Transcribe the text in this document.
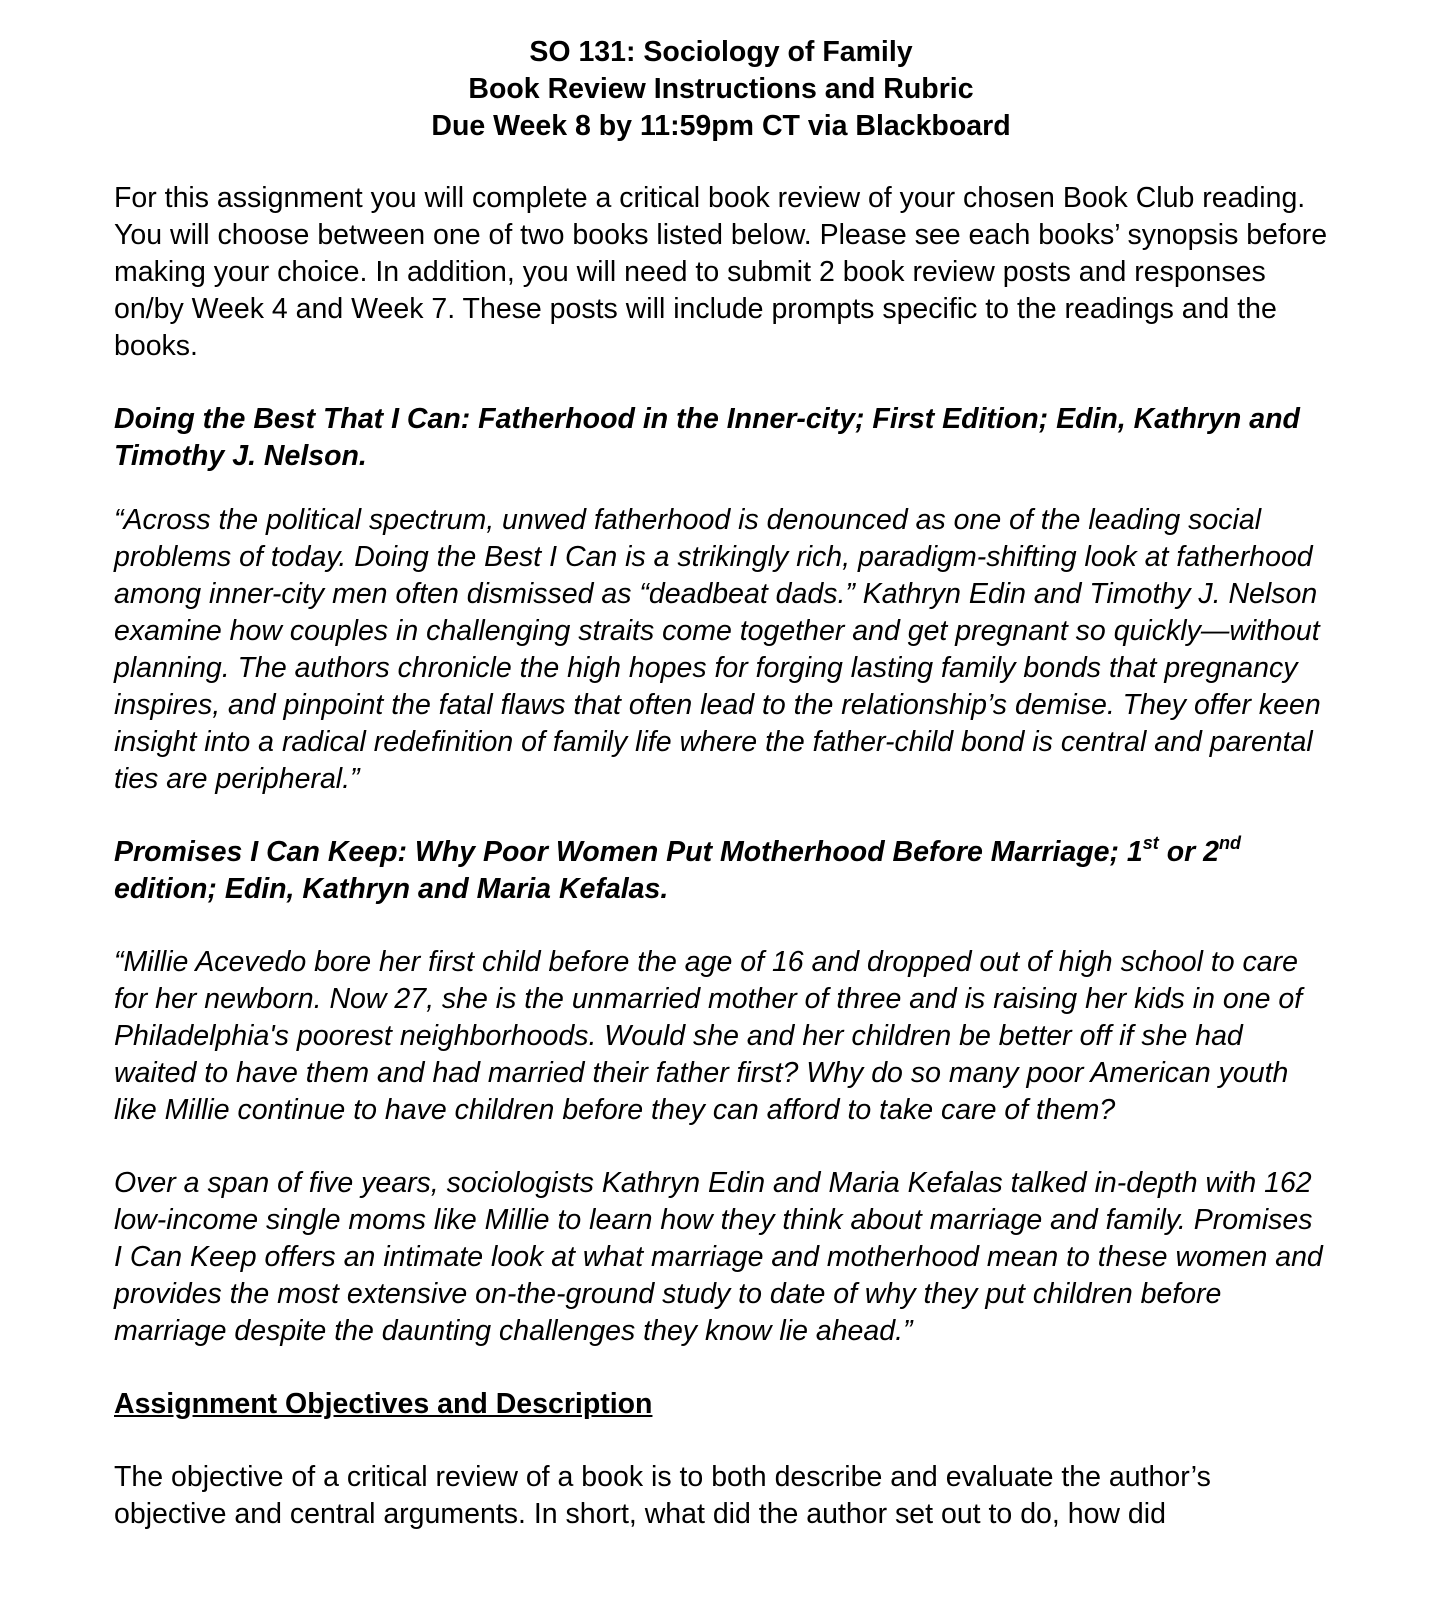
SO 131: Sociology of Family
Book Review Instructions and Rubric
Due Week 8 by 11:59pm CT via Blackboard

For this assignment you will complete a critical book review of your chosen Book Club reading. You will choose between one of two books listed below. Please see each books’ synopsis before making your choice. In addition, you will need to submit 2 book review posts and responses on/by Week 4 and Week 7. These posts will include prompts specific to the readings and the books.

Doing the Best That I Can: Fatherhood in the Inner-city; First Edition; Edin, Kathryn and Timothy J. Nelson.

“Across the political spectrum, unwed fatherhood is denounced as one of the leading social problems of today. Doing the Best I Can is a strikingly rich, paradigm-shifting look at fatherhood among inner-city men often dismissed as “deadbeat dads.” Kathryn Edin and Timothy J. Nelson examine how couples in challenging straits come together and get pregnant so quickly—without planning. The authors chronicle the high hopes for forging lasting family bonds that pregnancy inspires, and pinpoint the fatal flaws that often lead to the relationship’s demise. They offer keen insight into a radical redefinition of family life where the father-child bond is central and parental ties are peripheral.”

Promises I Can Keep: Why Poor Women Put Motherhood Before Marriage; 1st or 2nd edition; Edin, Kathryn and Maria Kefalas.

“Millie Acevedo bore her first child before the age of 16 and dropped out of high school to care for her newborn. Now 27, she is the unmarried mother of three and is raising her kids in one of Philadelphia's poorest neighborhoods. Would she and her children be better off if she had waited to have them and had married their father first? Why do so many poor American youth like Millie continue to have children before they can afford to take care of them?

Over a span of five years, sociologists Kathryn Edin and Maria Kefalas talked in-depth with 162 low-income single moms like Millie to learn how they think about marriage and family. Promises I Can Keep offers an intimate look at what marriage and motherhood mean to these women and provides the most extensive on-the-ground study to date of why they put children before marriage despite the daunting challenges they know lie ahead.”

Assignment Objectives and Description

The objective of a critical review of a book is to both describe and evaluate the author’s objective and central arguments. In short, what did the author set out to do, how did
